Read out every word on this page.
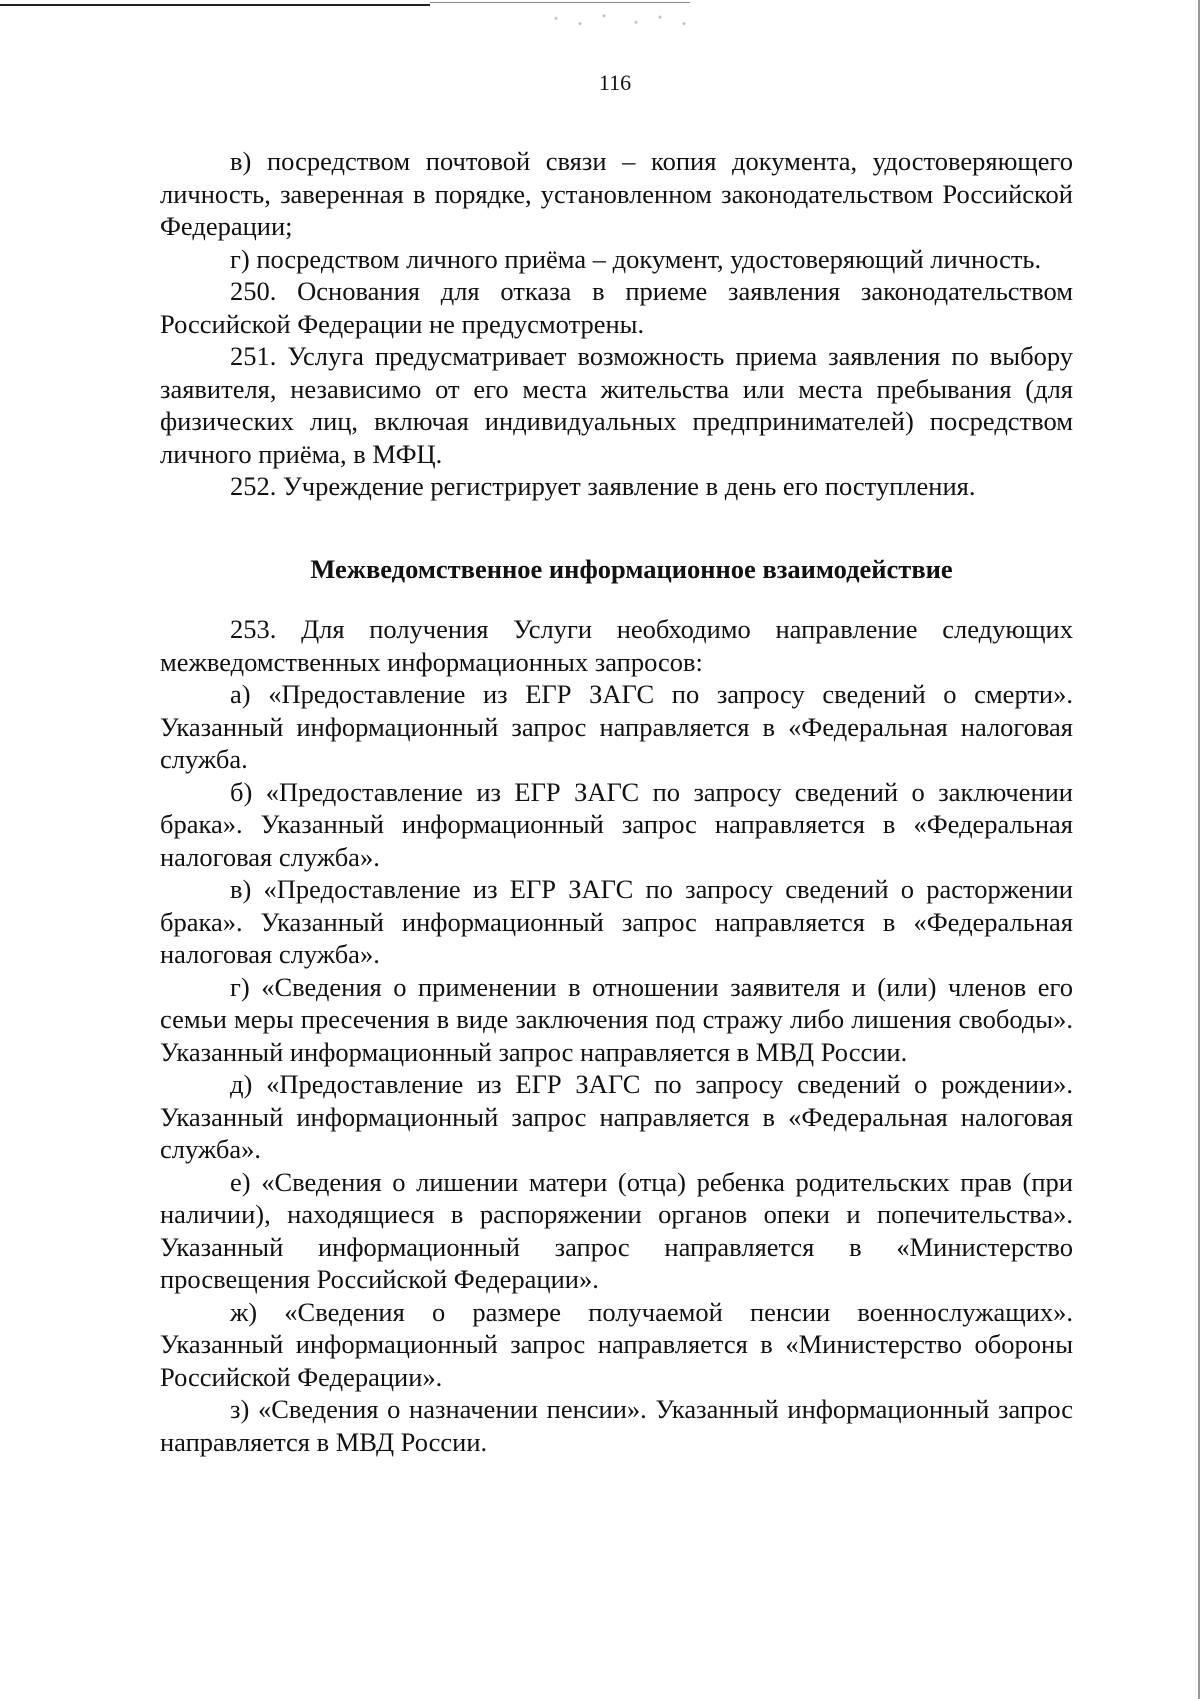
116

в) посредством почтовой связи – копия документа, удостоверяющего личность, заверенная в порядке, установленном законодательством Российской Федерации;

г) посредством личного приёма – документ, удостоверяющий личность.

250. Основания для отказа в приеме заявления законодательством Российской Федерации не предусмотрены.

251. Услуга предусматривает возможность приема заявления по выбору заявителя, независимо от его места жительства или места пребывания (для физических лиц, включая индивидуальных предпринимателей) посредством личного приёма, в МФЦ.

252. Учреждение регистрирует заявление в день его поступления.

Межведомственное информационное взаимодействие

253. Для получения Услуги необходимо направление следующих межведомственных информационных запросов:

а) «Предоставление из ЕГР ЗАГС по запросу сведений о смерти». Указанный информационный запрос направляется в «Федеральная налоговая служба.

б) «Предоставление из ЕГР ЗАГС по запросу сведений о заключении брака». Указанный информационный запрос направляется в «Федеральная налоговая служба».

в) «Предоставление из ЕГР ЗАГС по запросу сведений о расторжении брака». Указанный информационный запрос направляется в «Федеральная налоговая служба».

г) «Сведения о применении в отношении заявителя и (или) членов его семьи меры пресечения в виде заключения под стражу либо лишения свободы». Указанный информационный запрос направляется в МВД России.

д) «Предоставление из ЕГР ЗАГС по запросу сведений о рождении». Указанный информационный запрос направляется в «Федеральная налоговая служба».

е) «Сведения о лишении матери (отца) ребенка родительских прав (при наличии), находящиеся в распоряжении органов опеки и попечительства». Указанный информационный запрос направляется в «Министерство просвещения Российской Федерации».

ж) «Сведения о размере получаемой пенсии военнослужащих». Указанный информационный запрос направляется в «Министерство обороны Российской Федерации».

з) «Сведения о назначении пенсии». Указанный информационный запрос направляется в МВД России.
